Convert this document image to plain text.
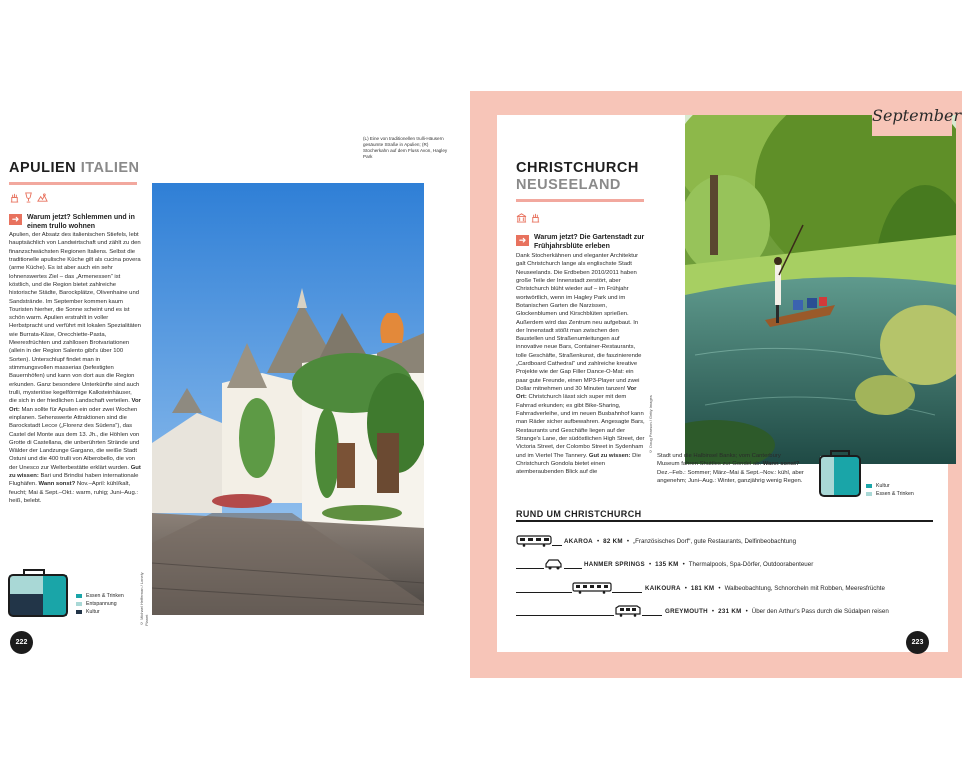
(L) Eine von traditionellen trulli-Häusern gesäumte Straße in Apulien; (R) Stocherkahn auf dem Fluss Avon, Hagley Park
APULIEN ITALIEN
➜	Warum jetzt? Schlemmen und in einem trullo wohnen
Apulien, der Absatz des italienischen Stiefels, lebt hauptsächlich von Landwirtschaft und zählt zu den finanzschwächsten Regionen Italiens. Selbst die traditionelle apulische Küche gilt als cucina povera (arme Küche). Es ist aber auch ein sehr lohnenswertes Ziel – das „Armenessen“ ist köstlich, und die Region bietet zahlreiche historische Städte, Barockplätze, Olivenhaine und Sandstrände. Im September kommen kaum Touristen hierher, die Sonne scheint und es ist schön warm. Apulien erstrahlt in voller Herbstpracht und verführt mit lokalen Spezialitäten wie Burrata-Käse, Orecchiette-Pasta, Meeresfrüchten und zahllosen Brotvariationen (allein in der Region Salento gibt's über 100 Sorten). Unterschlupf findet man in stimmungsvollen masserias (befestigten Bauernhöfen) und kann von dort aus die Region erkunden. Ganz besondere Unterkünfte sind auch trulli, mysteriöse kegelförmige Kalksteinhäuser, die sich in der friedlichen Landschaft verteilen. Vor Ort: Man sollte für Apulien ein oder zwei Wochen einplanen. Sehenswerte Attraktionen sind die Barockstadt Lecce („Florenz des Südens“), das Castel del Monte aus dem 13. Jh., die Höhlen von Grotte di Castellana, die unberührten Strände und Wälder der Landzunge Gargano, die weiße Stadt Ostuni und die 400 trulli von Alberobello, die von der Unesco zur Welterbestätte erklärt wurden. Gut zu wissen: Bari und Brindisi haben internationale Flughäfen. Wann sonst? Nov.–April: kühl/kalt, feucht; Mai & Sept.–Okt.: warm, ruhig; Juni–Aug.: heiß, belebt.
Essen & Trinken
Entspannung
Kultur
222
© Michael Heffernan / Lonely Planet
September
CHRISTCHURCH
NEUSEELAND
➜	Warum jetzt? Die Gartenstadt zur Frühjahrsblüte erleben
Dank Stocherkähnen und eleganter Architektur galt Christchurch lange als englischste Stadt Neuseelands. Die Erdbeben 2010/2011 haben große Teile der Innenstadt zerstört, aber Christchurch blüht wieder auf – im Frühjahr wortwörtlich, wenn im Hagley Park und im Botanischen Garten die Narzissen, Glockenblumen und Kirschblüten sprießen. Außerdem wird das Zentrum neu aufgebaut. In der Innenstadt stößt man zwischen den Baustellen und Straßenumleitungen auf innovative neue Bars, Container-Restaurants, tolle Geschäfte, Straßenkunst, die faszinierende „Cardboard Cathedral“ und zahlreiche kreative Projekte wie der Gap Filler Dance-O-Mat: ein paar gute Freunde, einen MP3-Player und zwei Dollar mitnehmen und 30 Minuten tanzen! Vor Ort: Christchurch lässt sich super mit dem Fahrrad erkunden; es gibt Bike-Sharing, Fahrradverleihe, und im neuen Busbahnhof kann man Räder sicher aufbewahren. Angesagte Bars, Restaurants und Geschäfte liegen auf der Strange's Lane, der südöstlichen High Street, der Victoria Street, der Colombo Street in Sydenham und im Viertel The Tannery. Gut zu wissen: Die Christchurch Gondola bietet einen atemberaubenden Blick auf die
Stadt und die Halbinsel Banks; vom Canterbury Museum fahren Shuttles zur Gondel ab. Wann sonst? Dez.–Feb.: Sommer; März–Mai & Sept.–Nov.: kühl, aber angenehm; Juni–Aug.: Winter, ganzjährig wenig Regen.
© Doug Pearson / Getty Images
Kultur
Essen & Trinken
RUND UM CHRISTCHURCH
AKAROA • 82 KM • „Französisches Dorf“, gute Restaurants, Delfinbeobachtung
HANMER SPRINGS • 135 KM • Thermalpools, Spa-Dörfer, Outdoorabenteuer
KAIKOURA • 181 KM • Walbeobachtung, Schnorcheln mit Robben, Meeresfrüchte
GREYMOUTH • 231 KM • Über den Arthur's Pass durch die Südalpen reisen
223
